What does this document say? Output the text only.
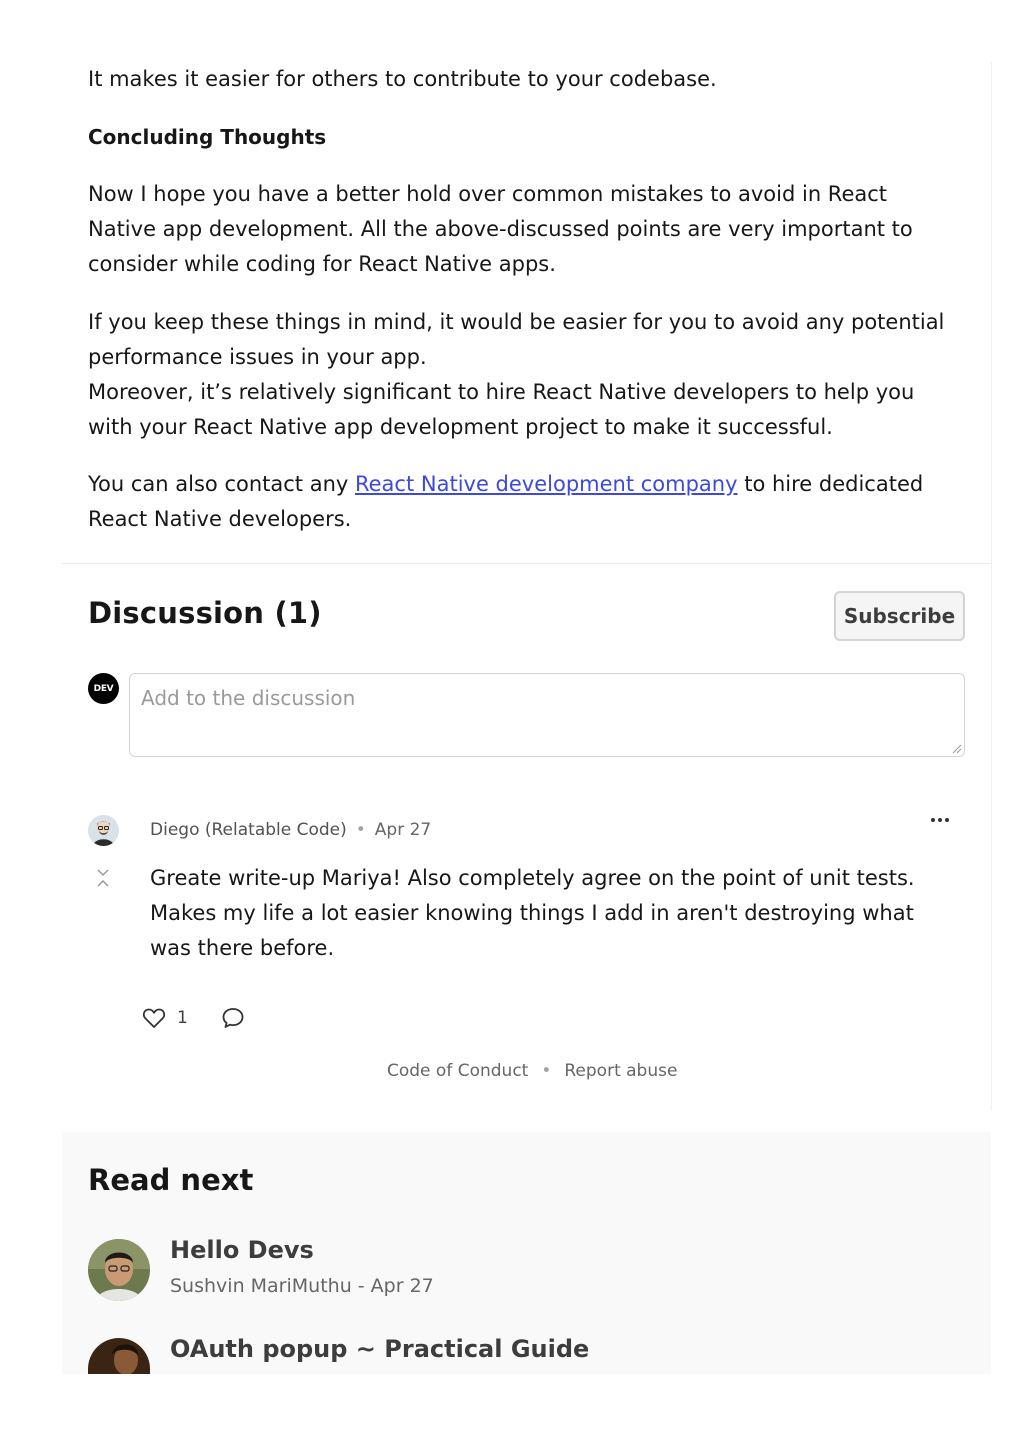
It makes it easier for others to contribute to your codebase.

Concluding Thoughts

Now I hope you have a better hold over common mistakes to avoid in React Native app development. All the above-discussed points are very important to consider while coding for React Native apps.

If you keep these things in mind, it would be easier for you to avoid any potential performance issues in your app.
Moreover, it’s relatively significant to hire React Native developers to help you with your React Native app development project to make it successful.

You can also contact any React Native development company to hire dedicated React Native developers.

Discussion (1)	Subscribe
DEV	Add to the discussion
Diego (Relatable Code) • Apr 27
Greate write-up Mariya! Also completely agree on the point of unit tests. Makes my life a lot easier knowing things I add in aren't destroying what was there before.
1
Code of Conduct • Report abuse
Read next
Hello Devs
Sushvin MariMuthu - Apr 27
OAuth popup ~ Practical Guide
